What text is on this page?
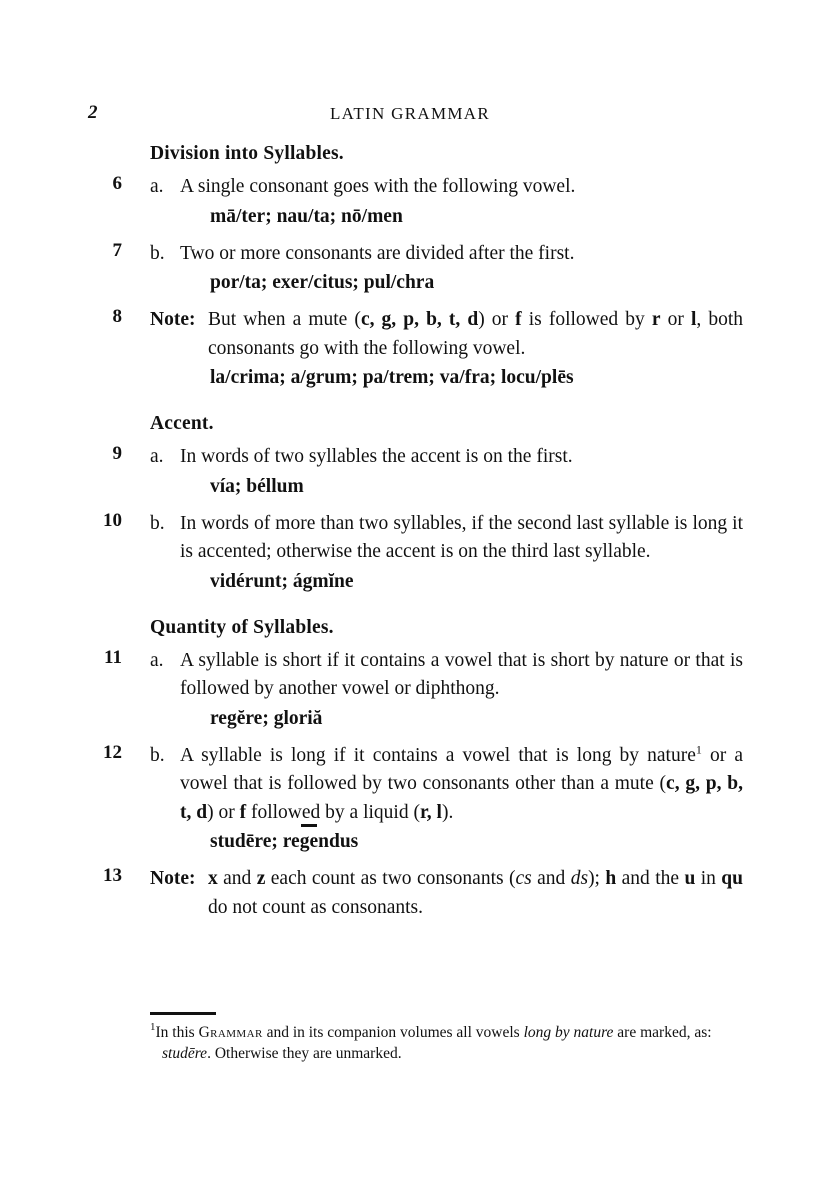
2	LATIN GRAMMAR
Division into Syllables.
6 a. A single consonant goes with the following vowel.
mā/ter; nau/ta; nō/men
7 b. Two or more consonants are divided after the first.
por/ta; exer/citus; pul/chra
8 Note: But when a mute (c, g, p, b, t, d) or f is followed by r or l, both consonants go with the following vowel.
la/crima; a/grum; pa/trem; va/fra; locu/plēs
Accent.
9 a. In words of two syllables the accent is on the first.
vía; béllum
10 b. In words of more than two syllables, if the second last syllable is long it is accented; otherwise the accent is on the third last syllable.
vidérunt; ágmĭne
Quantity of Syllables.
11 a. A syllable is short if it contains a vowel that is short by nature or that is followed by another vowel or diphthong.
regĕre; gloriă
12 b. A syllable is long if it contains a vowel that is long by nature$^1$ or a vowel that is followed by two consonants other than a mute (c, g, p, b, t, d) or f followed by a liquid (r, l).
studēre; regendus
13 Note: x and z each count as two consonants (cs and ds); h and the u in qu do not count as consonants.
$^1$In this Grammar and in its companion volumes all vowels long by nature are marked, as: studēre. Otherwise they are unmarked.
